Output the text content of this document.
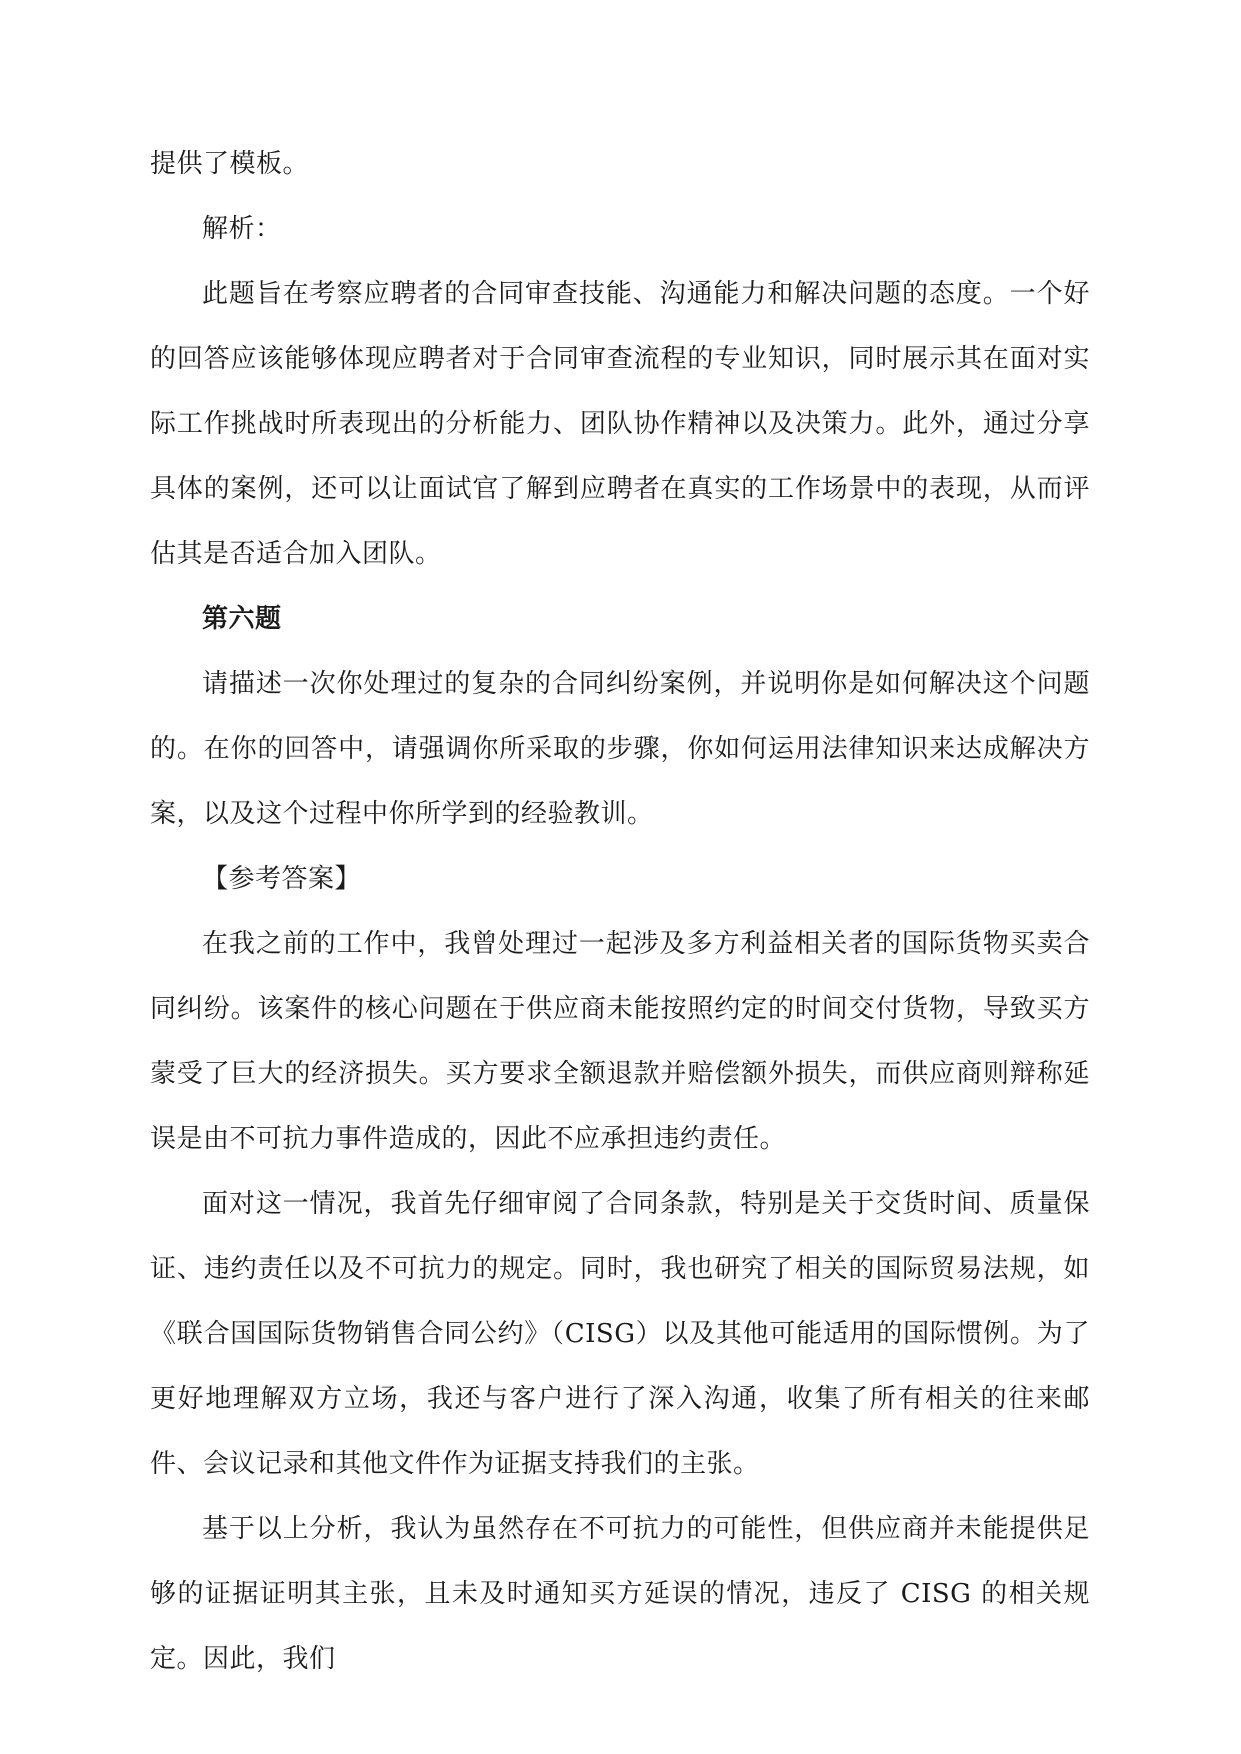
提供了模板。

解析：

此题旨在考察应聘者的合同审查技能、沟通能力和解决问题的态度。一个好的回答应该能够体现应聘者对于合同审查流程的专业知识，同时展示其在面对实际工作挑战时所表现出的分析能力、团队协作精神以及决策力。此外，通过分享具体的案例，还可以让面试官了解到应聘者在真实的工作场景中的表现，从而评估其是否适合加入团队。

第六题

请描述一次你处理过的复杂的合同纠纷案例，并说明你是如何解决这个问题的。在你的回答中，请强调你所采取的步骤，你如何运用法律知识来达成解决方案，以及这个过程中你所学到的经验教训。

【参考答案】

在我之前的工作中，我曾处理过一起涉及多方利益相关者的国际货物买卖合同纠纷。该案件的核心问题在于供应商未能按照约定的时间交付货物，导致买方蒙受了巨大的经济损失。买方要求全额退款并赔偿额外损失，而供应商则辩称延误是由不可抗力事件造成的，因此不应承担违约责任。

面对这一情况，我首先仔细审阅了合同条款，特别是关于交货时间、质量保证、违约责任以及不可抗力的规定。同时，我也研究了相关的国际贸易法规，如《联合国国际货物销售合同公约》（CISG）以及其他可能适用的国际惯例。为了更好地理解双方立场，我还与客户进行了深入沟通，收集了所有相关的往来邮件、会议记录和其他文件作为证据支持我们的主张。

基于以上分析，我认为虽然存在不可抗力的可能性，但供应商并未能提供足够的证据证明其主张，且未及时通知买方延误的情况，违反了 CISG 的相关规定。因此，我们
